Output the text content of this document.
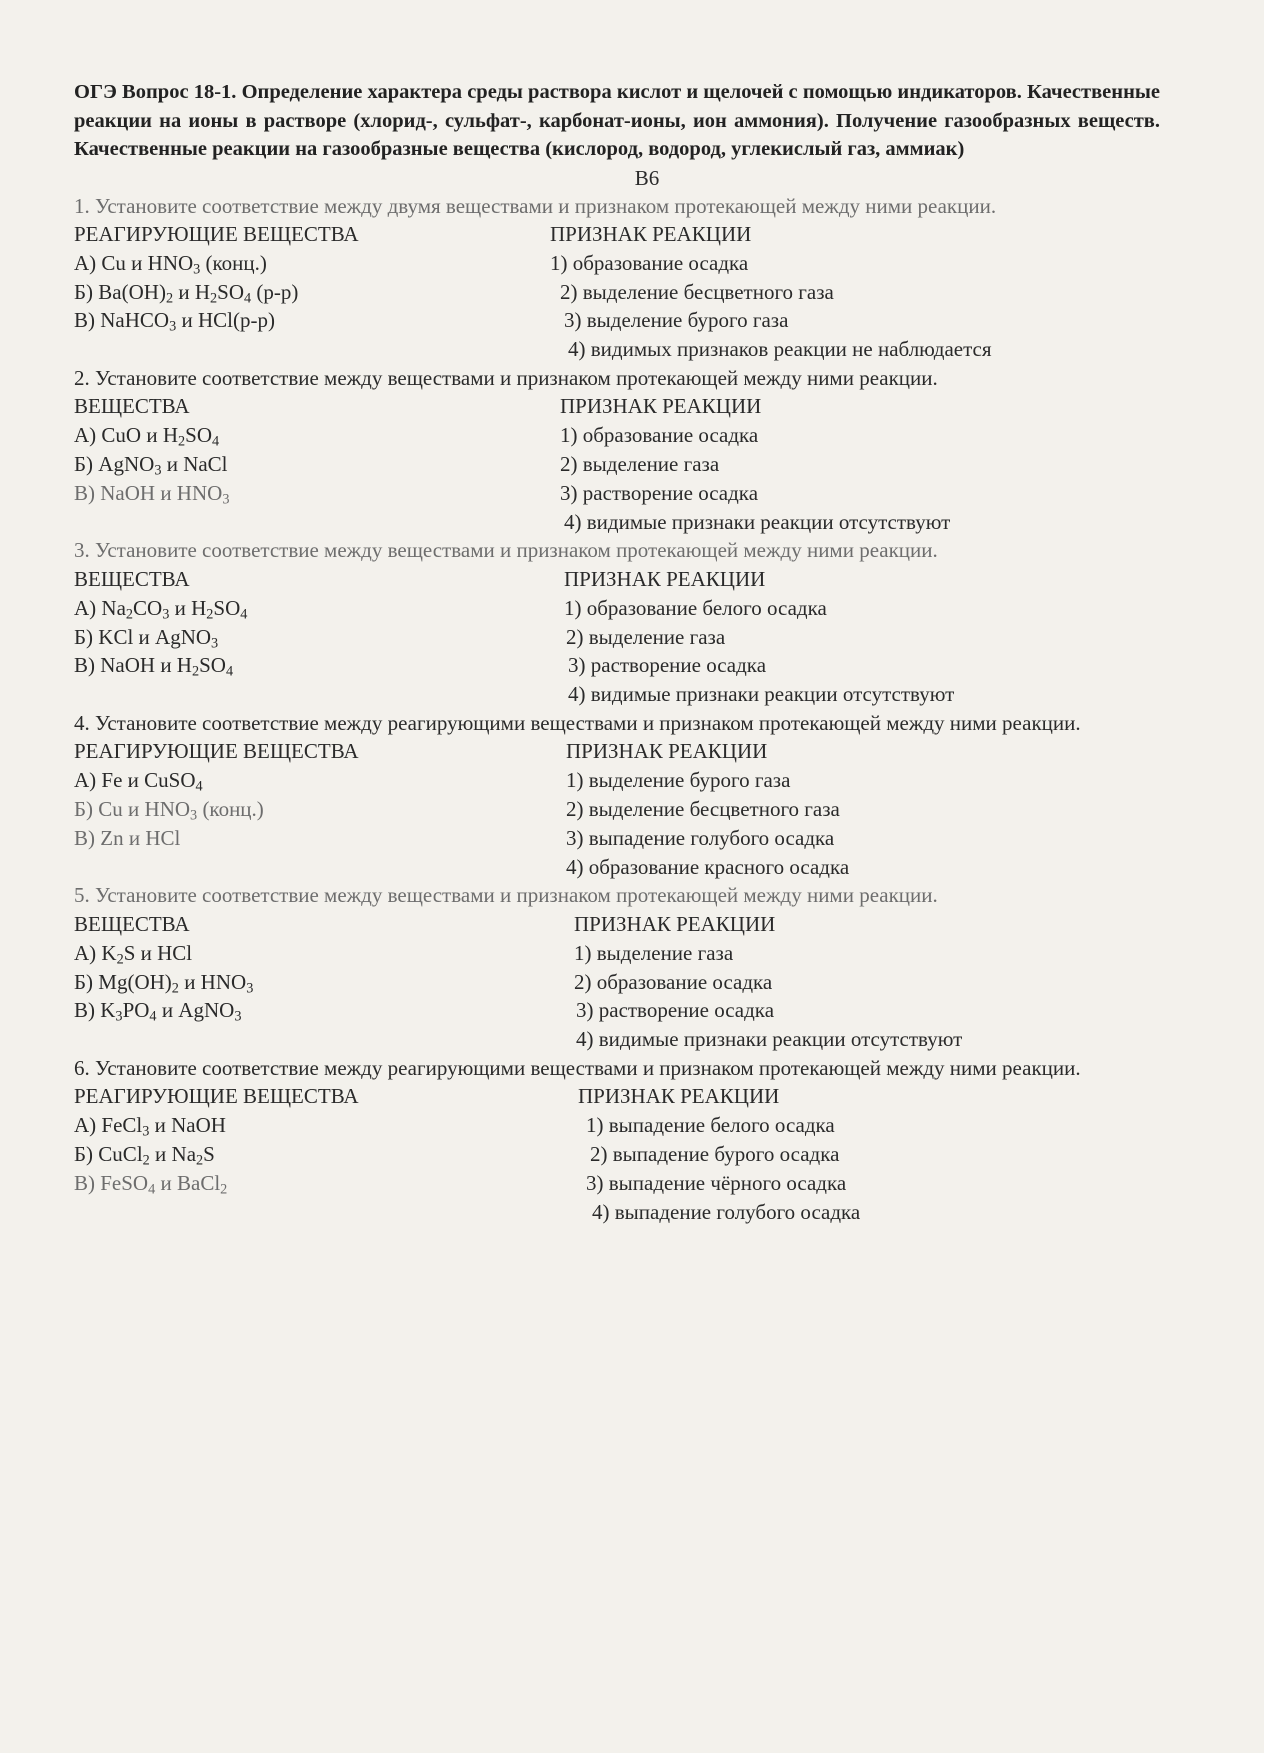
ОГЭ Вопрос 18-1. Определение характера среды раствора кислот и щелочей с помощью индикаторов. Качественные реакции на ионы в растворе (хлорид-, сульфат-, карбонат-ионы, ион аммония). Получение газообразных веществ. Качественные реакции на газообразные вещества (кислород, водород, углекислый газ, аммиак)
В6
1. Установите соответствие между двумя веществами и признаком протекающей между ними реакции.
РЕАГИРУЮЩИЕ ВЕЩЕСТВА	ПРИЗНАК РЕАКЦИИ
А) Cu и $HNO_3$ (конц.)	1) образование осадка
Б) $Ba(OH)_2$ и $H_2SO_4$ (р-р)	2) выделение бесцветного газа
В) NaHCO$_3$ и HCl(р-р)	3) выделение бурого газа
4) видимых признаков реакции не наблюдается
2. Установите соответствие между веществами и признаком протекающей между ними реакции.
ВЕЩЕСТВА	ПРИЗНАК РЕАКЦИИ
А) CuO и $H_2SO_4$	1) образование осадка
Б) AgNO$_3$ и NaCl	2) выделение газа
В) NaOH и $HNO_3$	3) растворение осадка
4) видимые признаки реакции отсутствуют
3. Установите соответствие между веществами и признаком протекающей между ними реакции.
ВЕЩЕСТВА	ПРИЗНАК РЕАКЦИИ
А) $Na_2CO_3$ и $H_2SO_4$	1) образование белого осадка
Б) KCl и AgNO$_3$	2) выделение газа
В) NaOH и $H_2SO_4$	3) растворение осадка
4) видимые признаки реакции отсутствуют
4. Установите соответствие между реагирующими веществами и признаком протекающей между ними реакции.
РЕАГИРУЮЩИЕ ВЕЩЕСТВА	ПРИЗНАК РЕАКЦИИ
А) Fe и CuSO$_4$	1) выделение бурого газа
Б) Cu и $HNO_3$ (конц.)	2) выделение бесцветного газа
В) Zn и HCl	3) выпадение голубого осадка
4) образование красного осадка
5. Установите соответствие между веществами и признаком протекающей между ними реакции.
ВЕЩЕСТВА	ПРИЗНАК РЕАКЦИИ
А) $K_2S$ и HCl	1) выделение газа
Б) $Mg(OH)_2$ и $HNO_3$	2) образование осадка
В) $K_3PO_4$ и AgNO$_3$	3) растворение осадка
4) видимые признаки реакции отсутствуют
6. Установите соответствие между реагирующими веществами и признаком протекающей между ними реакции.
РЕАГИРУЮЩИЕ ВЕЩЕСТВА	ПРИЗНАК РЕАКЦИИ
А) FeCl$_3$ и NaOH	1) выпадение белого осадка
Б) CuCl$_2$ и $Na_2S$	2) выпадение бурого осадка
В) FeSO$_4$ и BaCl$_2$	3) выпадение чёрного осадка
4) выпадение голубого осадка
